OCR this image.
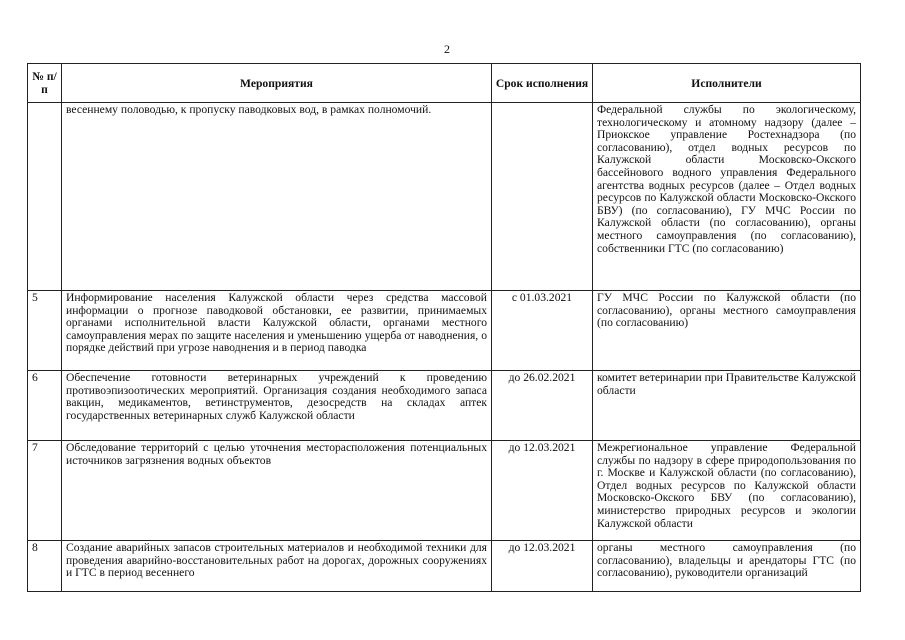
2
№ п/п	Мероприятия	Срок исполнения	Исполнители
	весеннему половодью, к пропуску паводковых вод, в рамках полномочий.		Федеральной службы по экологическому, технологическому и атомному надзору (далее – Приокское управление Ростехнадзора (по согласованию), отдел водных ресурсов по Калужской области Московско-Окского бассейнового водного управления Федерального агентства водных ресурсов (далее – Отдел водных ресурсов по Калужской области Московско-Окского БВУ) (по согласованию), ГУ МЧС России по Калужской области (по согласованию), органы местного самоуправления (по согласованию), собственники ГТС (по согласованию)
5	Информирование населения Калужской области через средства массовой информации о прогнозе паводковой обстановки, ее развитии, принимаемых органами исполнительной власти Калужской области, органами местного самоуправления мерах по защите населения и уменьшению ущерба от наводнения, о порядке действий при угрозе наводнения и в период паводка	с 01.03.2021	ГУ МЧС России по Калужской области (по согласованию), органы местного самоуправления (по согласованию)
6	Обеспечение готовности ветеринарных учреждений к проведению противоэпизоотических мероприятий. Организация создания необходимого запаса вакцин, медикаментов, ветинструментов, дезосредств на складах аптек государственных ветеринарных служб Калужской области	до 26.02.2021	комитет ветеринарии при Правительстве Калужской области
7	Обследование территорий с целью уточнения месторасположения потенциальных источников загрязнения водных объектов	до 12.03.2021	Межрегиональное управление Федеральной службы по надзору в сфере природопользования по г. Москве и Калужской области (по согласованию), Отдел водных ресурсов по Калужской области Московско-Окского БВУ (по согласованию), министерство природных ресурсов и экологии Калужской области
8	Создание аварийных запасов строительных материалов и необходимой техники для проведения аварийно-восстановительных работ на дорогах, дорожных сооружениях и ГТС в период весеннего	до 12.03.2021	органы местного самоуправления (по согласованию), владельцы и арендаторы ГТС (по согласованию), руководители организаций
